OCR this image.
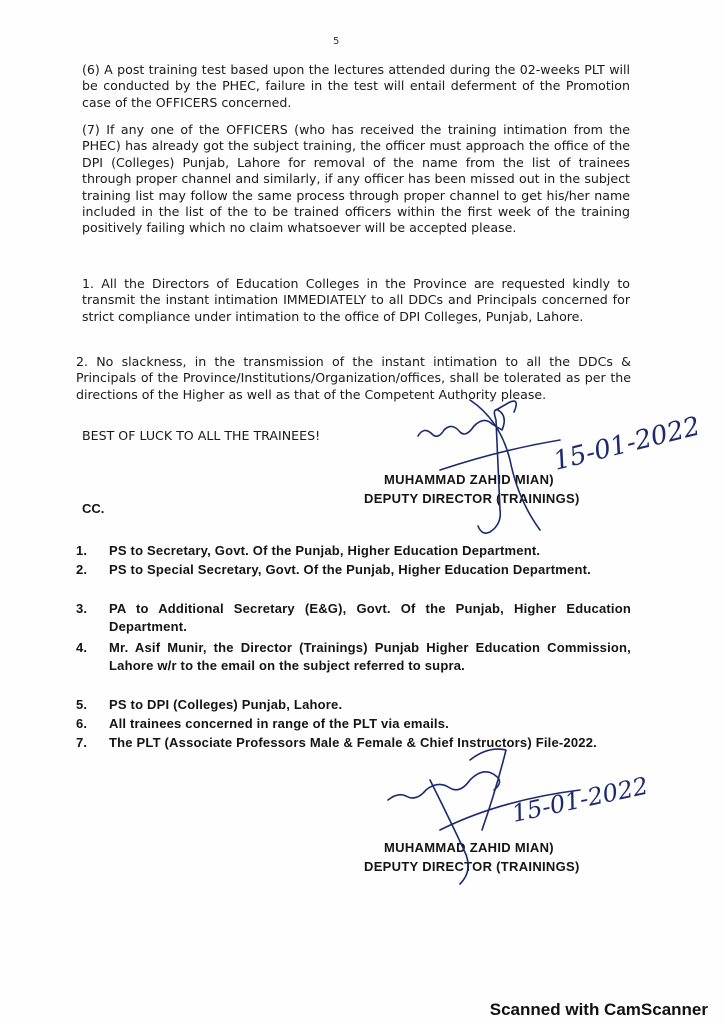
5
(6) A post training test based upon the lectures attended during the 02-weeks PLT will be conducted by the PHEC, failure in the test will entail deferment of the Promotion case of the OFFICERS concerned.
(7) If any one of the OFFICERS (who has received the training intimation from the PHEC) has already got the subject training, the officer must approach the office of the DPI (Colleges) Punjab, Lahore for removal of the name from the list of trainees through proper channel and similarly, if any officer has been missed out in the subject training list may follow the same process through proper channel to get his/her name included in the list of the to be trained officers within the first week of the training positively failing which no claim whatsoever will be accepted please.
1. All the Directors of Education Colleges in the Province are requested kindly to transmit the instant intimation IMMEDIATELY to all DDCs and Principals concerned for strict compliance under intimation to the office of DPI Colleges, Punjab, Lahore.
2. No slackness, in the transmission of the instant intimation to all the DDCs & Principals of the Province/Institutions/Organization/offices, shall be tolerated as per the directions of the Higher as well as that of the Competent Authority please.
BEST OF LUCK TO ALL THE TRAINEES!
MUHAMMAD ZAHID MIAN)
DEPUTY DIRECTOR (TRAININGS)
CC.
1.	PS to Secretary, Govt. Of the Punjab, Higher Education Department.
2.	PS to Special Secretary, Govt. Of the Punjab, Higher Education Department.
3.	PA to Additional Secretary (E&G), Govt. Of the Punjab, Higher Education Department.
4.	Mr. Asif Munir, the Director (Trainings) Punjab Higher Education Commission, Lahore w/r to the email on the subject referred to supra.
5.	PS to DPI (Colleges) Punjab, Lahore.
6.	All trainees concerned in range of the PLT via emails.
7.	The PLT (Associate Professors Male & Female & Chief Instructors) File-2022.
MUHAMMAD ZAHID MIAN)
DEPUTY DIRECTOR (TRAININGS)
15-01-2022
15-01-2022
Scanned with CamScanner
